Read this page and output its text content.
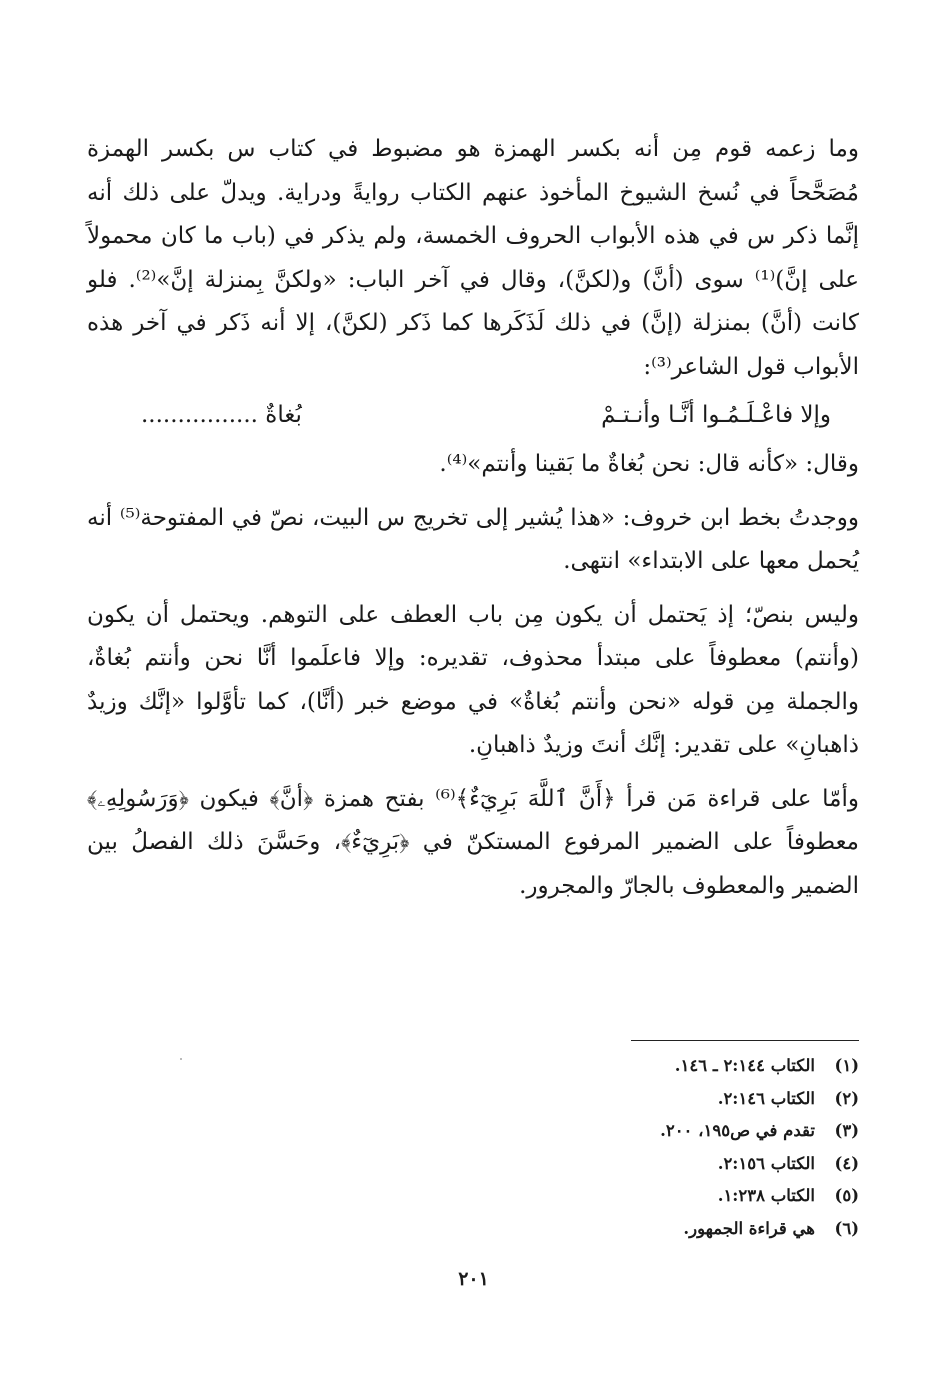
وما زعمه قوم مِن أنه بكسر الهمزة هو مضبوط في كتاب س بكسر الهمزة مُصَحَّحاً في نُسخ الشيوخ المأخوذ عنهم الكتاب روايةً ودراية. ويدلّ على ذلك أنه إنَّما ذكر س في هذه الأبواب الحروف الخمسة، ولم يذكر في (باب ما كان محمولاً على إنَّ)⁽¹⁾ سوى (أنَّ) و(لكنَّ)، وقال في آخر الباب: «ولكنَّ بِمنزلة إنَّ»⁽²⁾. فلو كانت (أنَّ) بمنزلة (إنَّ) في ذلك لَذَكَرها كما ذَكر (لكنَّ)، إلا أنه ذَكر في آخر هذه الأبواب قول الشاعر⁽³⁾:

وإلا فاعْـلَـمُـوا أنَّـا وأنـتـمْ
بُغاةٌ ................

وقال: «كأنه قال: نحن بُغاةٌ ما بَقينا وأنتم»⁽⁴⁾.

ووجدتُ بخط ابن خروف: «هذا يُشير إلى تخريج س البيت، نصّ في المفتوحة⁽⁵⁾ أنه يُحمل معها على الابتداء» انتهى.

وليس بنصّ؛ إذ يَحتمل أن يكون مِن باب العطف على التوهم. ويحتمل أن يكون (وأنتم) معطوفاً على مبتدأ محذوف، تقديره: وإلا فاعلَموا أنَّا نحن وأنتم بُغاةٌ، والجملة مِن قوله «نحن وأنتم بُغاةٌ» في موضع خبر (أنَّا)، كما تأوَّلوا «إنَّك وزيدٌ ذاهبانِ» على تقدير: إنَّك أنتَ وزيدٌ ذاهبانِ.

وأمّا على قراءة مَن قرأ ﴿أَنَّ ٱللَّهَ بَرِيٓءٌ﴾⁽⁶⁾ بفتح همزة ﴿أنَّ﴾ فيكون ﴿وَرَسُولِهِۦ﴾ معطوفاً على الضمير المرفوع المستكنّ في ﴿بَرِيٓءٌ﴾، وحَسَّنَ ذلك الفصلُ بين الضمير والمعطوف بالجارّ والمجرور.

(١)الكتاب ٢:١٤٤ ـ ١٤٦.
(٢)الكتاب ٢:١٤٦.
(٣)تقدم في ص١٩٥، ٢٠٠.
(٤)الكتاب ٢:١٥٦.
(٥)الكتاب ١:٢٣٨.
(٦)هي قراءة الجمهور.
٢٠١
